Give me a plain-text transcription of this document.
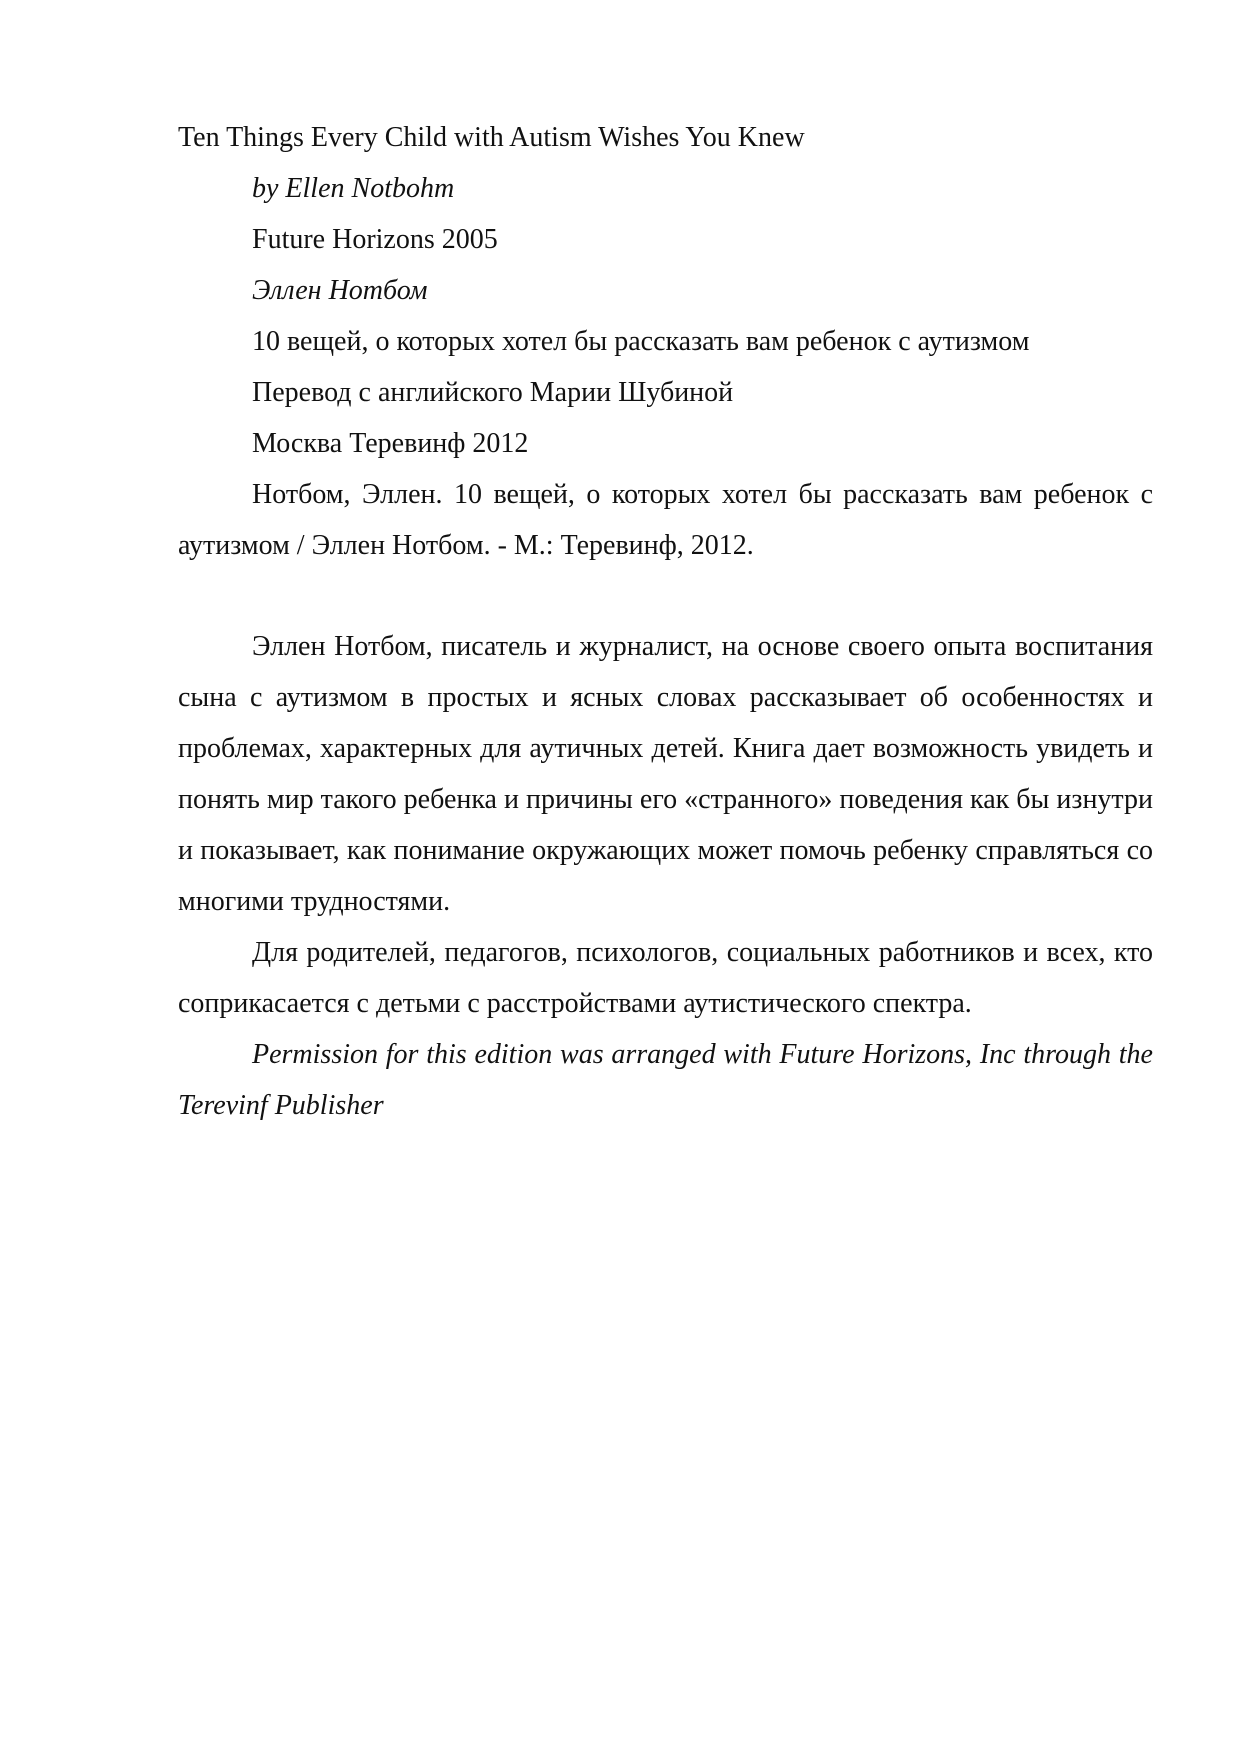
Ten Things Every Child with Autism Wishes You Knew

by Ellen Notbohm

Future Horizons 2005

Эллен Нотбом

10 вещей, о которых хотел бы рассказать вам ребенок с аутизмом

Перевод с английского Марии Шубиной

Москва Теревинф 2012

Нотбом, Эллен. 10 вещей, о которых хотел бы рассказать вам ребенок с аутизмом / Эллен Нотбом. - М.: Теревинф, 2012.

Эллен Нотбом, писатель и журналист, на основе своего опыта воспитания сына с аутизмом в простых и ясных словах рассказывает об особенностях и проблемах, характерных для аутичных детей. Книга дает возможность увидеть и понять мир такого ребенка и причины его «странного» поведения как бы изнутри и показывает, как понимание окружающих может помочь ребенку справляться со многими трудностями.

Для родителей, педагогов, психологов, социальных работников и всех, кто соприкасается с детьми с расстройствами аутистического спектра.

Permission for this edition was arranged with Future Horizons, Inc through the Terevinf Publisher
